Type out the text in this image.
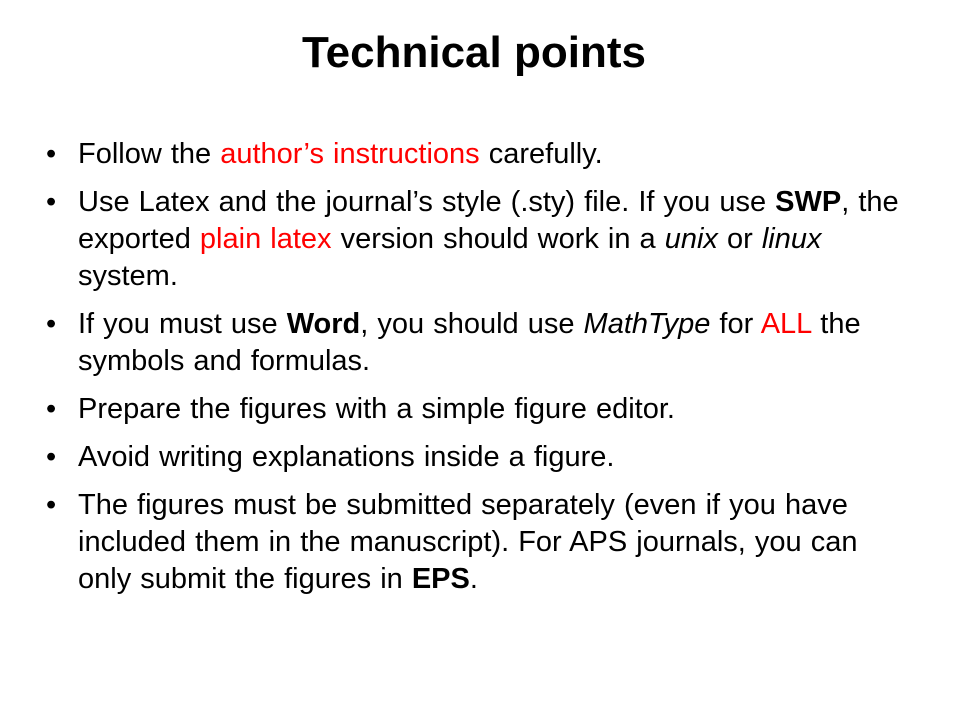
Technical points
• Follow the author’s instructions carefully.
• Use Latex and the journal’s style (.sty) file. If you use SWP, the exported plain latex version should work in a unix or linux system.
• If you must use Word, you should use MathType for ALL the symbols and formulas.
• Prepare the figures with a simple figure editor.
• Avoid writing explanations inside a figure.
• The figures must be submitted separately (even if you have included them in the manuscript). For APS journals, you can only submit the figures in EPS.
